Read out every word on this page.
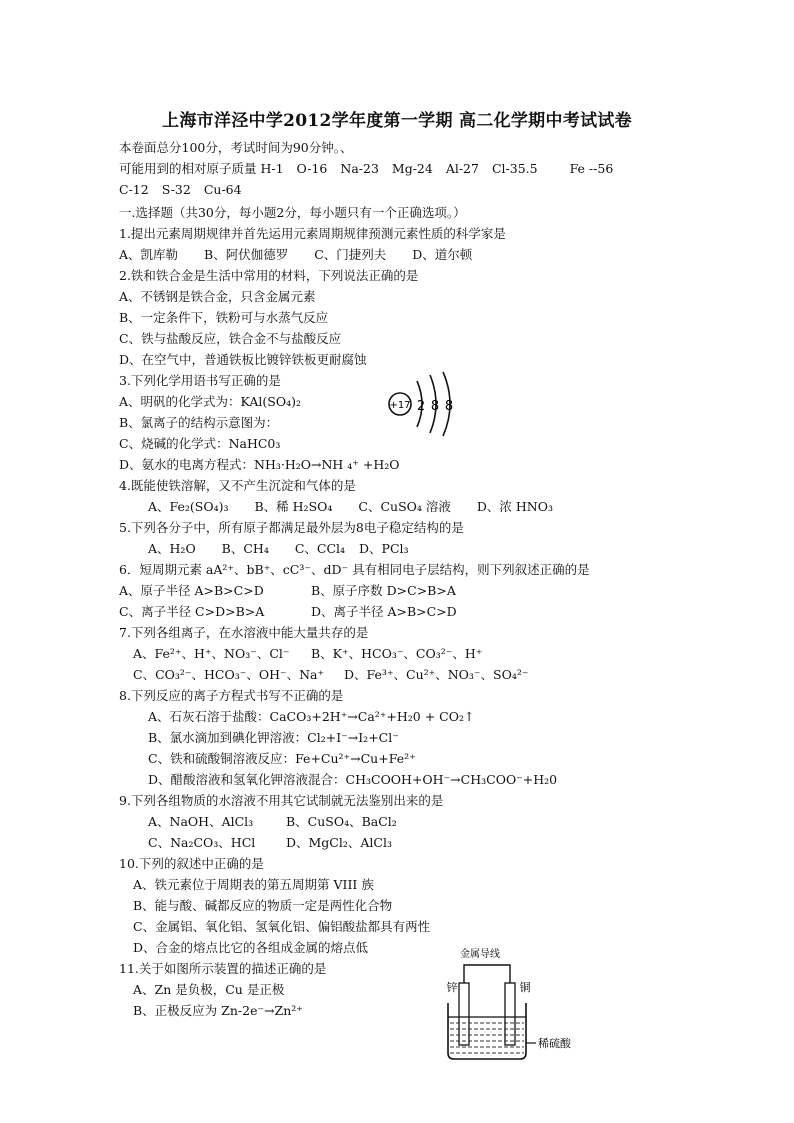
上海市洋泾中学2012学年度第一学期 高二化学期中考试试卷
本卷面总分100分，考试时间为90分钟。、
可能用到的相对原子质量 H-1 O-16 Na-23 Mg-24 Al-27 Cl-35.5	Fe --56
C-12 S-32 Cu-64
一.选择题（共30分，每小题2分，每小题只有一个正确选项。）
1.提出元素周期规律并首先运用元素周期规律预测元素性质的科学家是
A、凯库勒 B、阿伏伽德罗 C、门捷列夫 D、道尔顿
2.铁和铁合金是生活中常用的材料，下列说法正确的是
A、不锈钢是铁合金，只含金属元素
B、一定条件下，铁粉可与水蒸气反应
C、铁与盐酸反应，铁合金不与盐酸反应
D、在空气中，普通铁板比镀锌铁板更耐腐蚀
3.下列化学用语书写正确的是
A、明矾的化学式为：KAl(SO₄)₂
B、氯离子的结构示意图为：
C、烧碱的化学式：NaHC0₃
D、氨水的电离方程式：NH₃·H₂O→NH ₄⁺ +H₂O
+17 2 8 8
4.既能使铁溶解，又不产生沉淀和气体的是
A、Fe₂(SO₄)₃ B、稀 H₂SO₄ C、CuSO₄ 溶液 D、浓 HNO₃
5.下列各分子中，所有原子都满足最外层为8电子稳定结构的是
A、H₂O B、CH₄ C、CCl₄ D、PCl₃
6．短周期元素 aA²⁺、bB⁺、cC³⁻、dD⁻ 具有相同电子层结构，则下列叙述正确的是
A、原子半径 A>B>C>D	B、原子序数 D>C>B>A
C、离子半径 C>D>B>A	D、离子半径 A>B>C>D
7.下列各组离子，在水溶液中能大量共存的是
A、Fe²⁺、H⁺、NO₃⁻、Cl⁻ B、K⁺、HCO₃⁻、CO₃²⁻、H⁺
C、CO₃²⁻、HCO₃⁻、OH⁻、Na⁺ D、Fe³⁺、Cu²⁺、NO₃⁻、SO₄²⁻
8.下列反应的离子方程式书写不正确的是
A、石灰石溶于盐酸：CaCO₃+2H⁺→Ca²⁺+H₂0 + CO₂↑
B、氯水滴加到碘化钾溶液：Cl₂+I⁻→I₂+Cl⁻
C、铁和硫酸铜溶液反应：Fe+Cu²⁺→Cu+Fe²⁺
D、醋酸溶液和氢氧化钾溶液混合：CH₃COOH+OH⁻→CH₃COO⁻+H₂0
9.下列各组物质的水溶液不用其它试制就无法鉴别出来的是
A、NaOH、AlCl₃	B、CuSO₄、BaCl₂
C、Na₂CO₃、HCl D、MgCl₂、AlCl₃
10.下列的叙述中正确的是
A、铁元素位于周期表的第五周期第 VIII 族
B、能与酸、碱都反应的物质一定是两性化合物
C、金属铝、氧化铝、氢氧化铝、偏铝酸盐都具有两性
D、合金的熔点比它的各组成金属的熔点低
11.关于如图所示装置的描述正确的是
A、Zn 是负极，Cu 是正极
B、正极反应为 Zn-2e⁻→Zn²⁺
金属导线
锌	铜
稀硫酸
